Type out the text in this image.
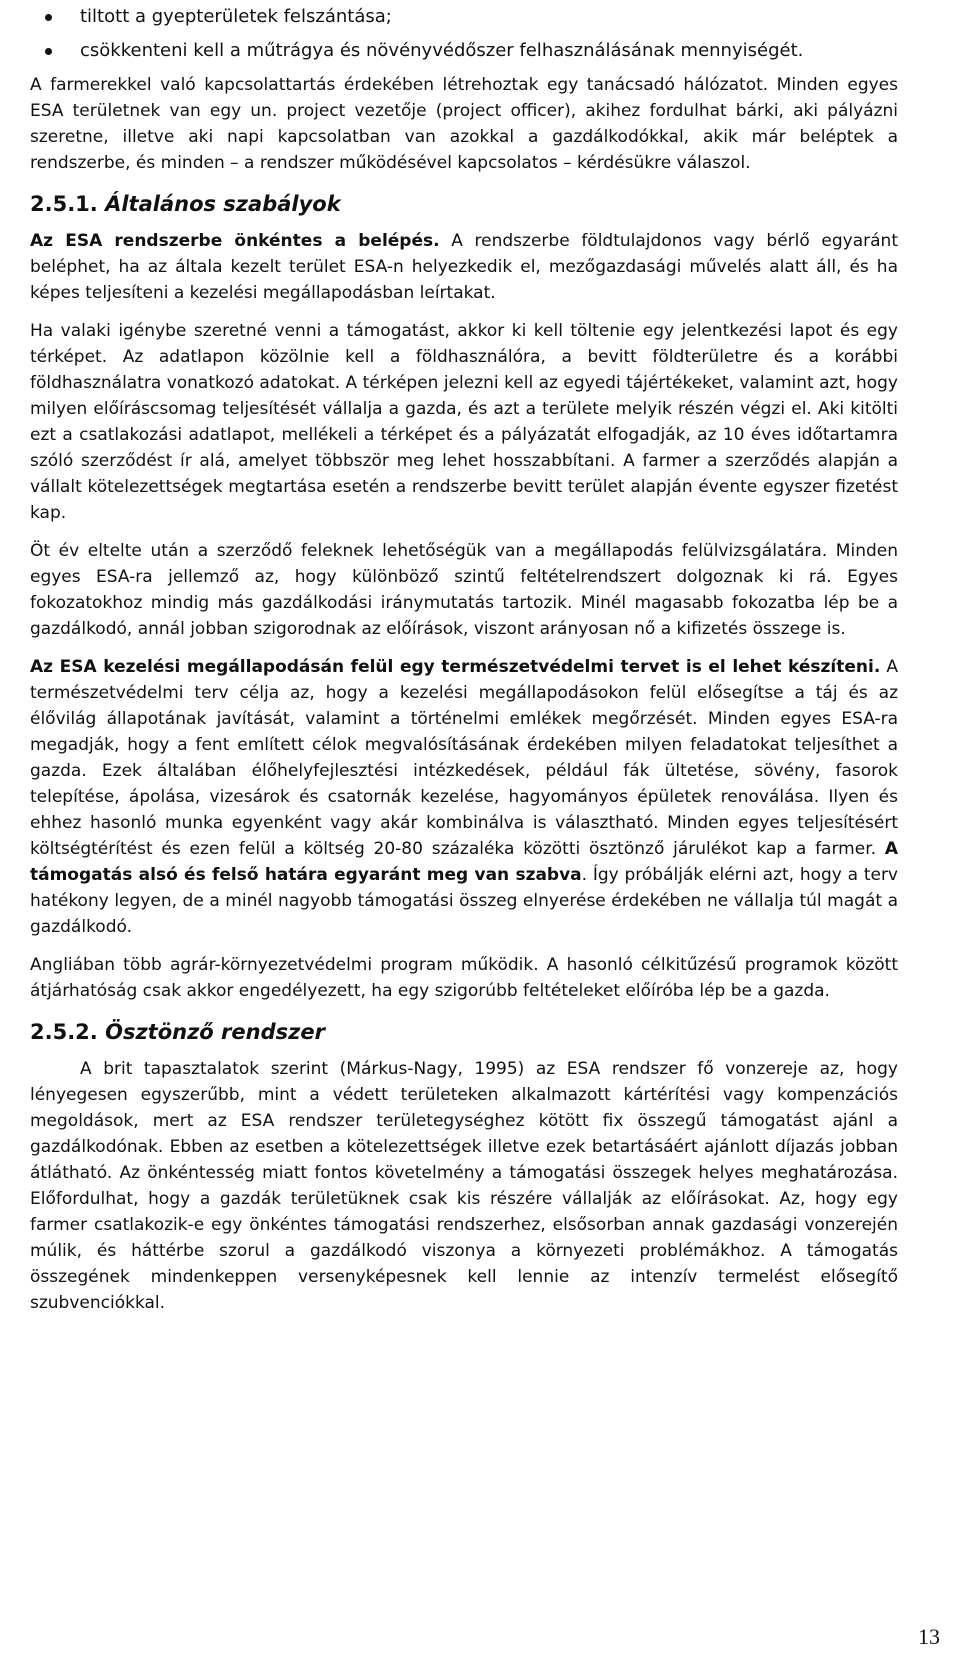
tiltott a gyepterületek felszántása;
csökkenteni kell a műtrágya és növényvédőszer felhasználásának mennyiségét.

A farmerekkel való kapcsolattartás érdekében létrehoztak egy tanácsadó hálózatot. Minden egyes ESA területnek van egy un. project vezetője (project officer), akihez fordulhat bárki, aki pályázni szeretne, illetve aki napi kapcsolatban van azokkal a gazdálkodókkal, akik már beléptek a rendszerbe, és minden – a rendszer működésével kapcsolatos – kérdésükre válaszol.

2.5.1. Általános szabályok

Az ESA rendszerbe önkéntes a belépés. A rendszerbe földtulajdonos vagy bérlő egyaránt beléphet, ha az általa kezelt terület ESA-n helyezkedik el, mezőgazdasági művelés alatt áll, és ha képes teljesíteni a kezelési megállapodásban leírtakat.

Ha valaki igénybe szeretné venni a támogatást, akkor ki kell töltenie egy jelentkezési lapot és egy térképet. Az adatlapon közölnie kell a földhasználóra, a bevitt földterületre és a korábbi földhasználatra vonatkozó adatokat. A térképen jelezni kell az egyedi tájértékeket, valamint azt, hogy milyen előíráscsomag teljesítését vállalja a gazda, és azt a területe melyik részén végzi el. Aki kitölti ezt a csatlakozási adatlapot, mellékeli a térképet és a pályázatát elfogadják, az 10 éves időtartamra szóló szerződést ír alá, amelyet többször meg lehet hosszabbítani. A farmer a szerződés alapján a vállalt kötelezettségek megtartása esetén a rendszerbe bevitt terület alapján évente egyszer fizetést kap.

Öt év eltelte után a szerződő feleknek lehetőségük van a megállapodás felülvizsgálatára. Minden egyes ESA-ra jellemző az, hogy különböző szintű feltételrendszert dolgoznak ki rá. Egyes fokozatokhoz mindig más gazdálkodási iránymutatás tartozik. Minél magasabb fokozatba lép be a gazdálkodó, annál jobban szigorodnak az előírások, viszont arányosan nő a kifizetés összege is.

Az ESA kezelési megállapodásán felül egy természetvédelmi tervet is el lehet készíteni. A természetvédelmi terv célja az, hogy a kezelési megállapodásokon felül elősegítse a táj és az élővilág állapotának javítását, valamint a történelmi emlékek megőrzését. Minden egyes ESA-ra megadják, hogy a fent említett célok megvalósításának érdekében milyen feladatokat teljesíthet a gazda. Ezek általában élőhelyfejlesztési intézkedések, például fák ültetése, sövény, fasorok telepítése, ápolása, vizesárok és csatornák kezelése, hagyományos épületek renoválása. Ilyen és ehhez hasonló munka egyenként vagy akár kombinálva is választható. Minden egyes teljesítésért költségtérítést és ezen felül a költség 20-80 százaléka közötti ösztönző járulékot kap a farmer. A támogatás alsó és felső határa egyaránt meg van szabva. Így próbálják elérni azt, hogy a terv hatékony legyen, de a minél nagyobb támogatási összeg elnyerése érdekében ne vállalja túl magát a gazdálkodó.

Angliában több agrár-környezetvédelmi program működik. A hasonló célkitűzésű programok között átjárhatóság csak akkor engedélyezett, ha egy szigorúbb feltételeket előíróba lép be a gazda.

2.5.2. Ösztönző rendszer

A brit tapasztalatok szerint (Márkus-Nagy, 1995) az ESA rendszer fő vonzereje az, hogy lényegesen egyszerűbb, mint a védett területeken alkalmazott kártérítési vagy kompenzációs megoldások, mert az ESA rendszer területegységhez kötött fix összegű támogatást ajánl a gazdálkodónak. Ebben az esetben a kötelezettségek illetve ezek betartásáért ajánlott díjazás jobban átlátható. Az önkéntesség miatt fontos követelmény a támogatási összegek helyes meghatározása. Előfordulhat, hogy a gazdák területüknek csak kis részére vállalják az előírásokat. Az, hogy egy farmer csatlakozik-e egy önkéntes támogatási rendszerhez, elsősorban annak gazdasági vonzerején múlik, és háttérbe szorul a gazdálkodó viszonya a környezeti problémákhoz. A támogatás összegének mindenkeppen versenyképesnek kell lennie az intenzív termelést elősegítő szubvenciókkal.

13
